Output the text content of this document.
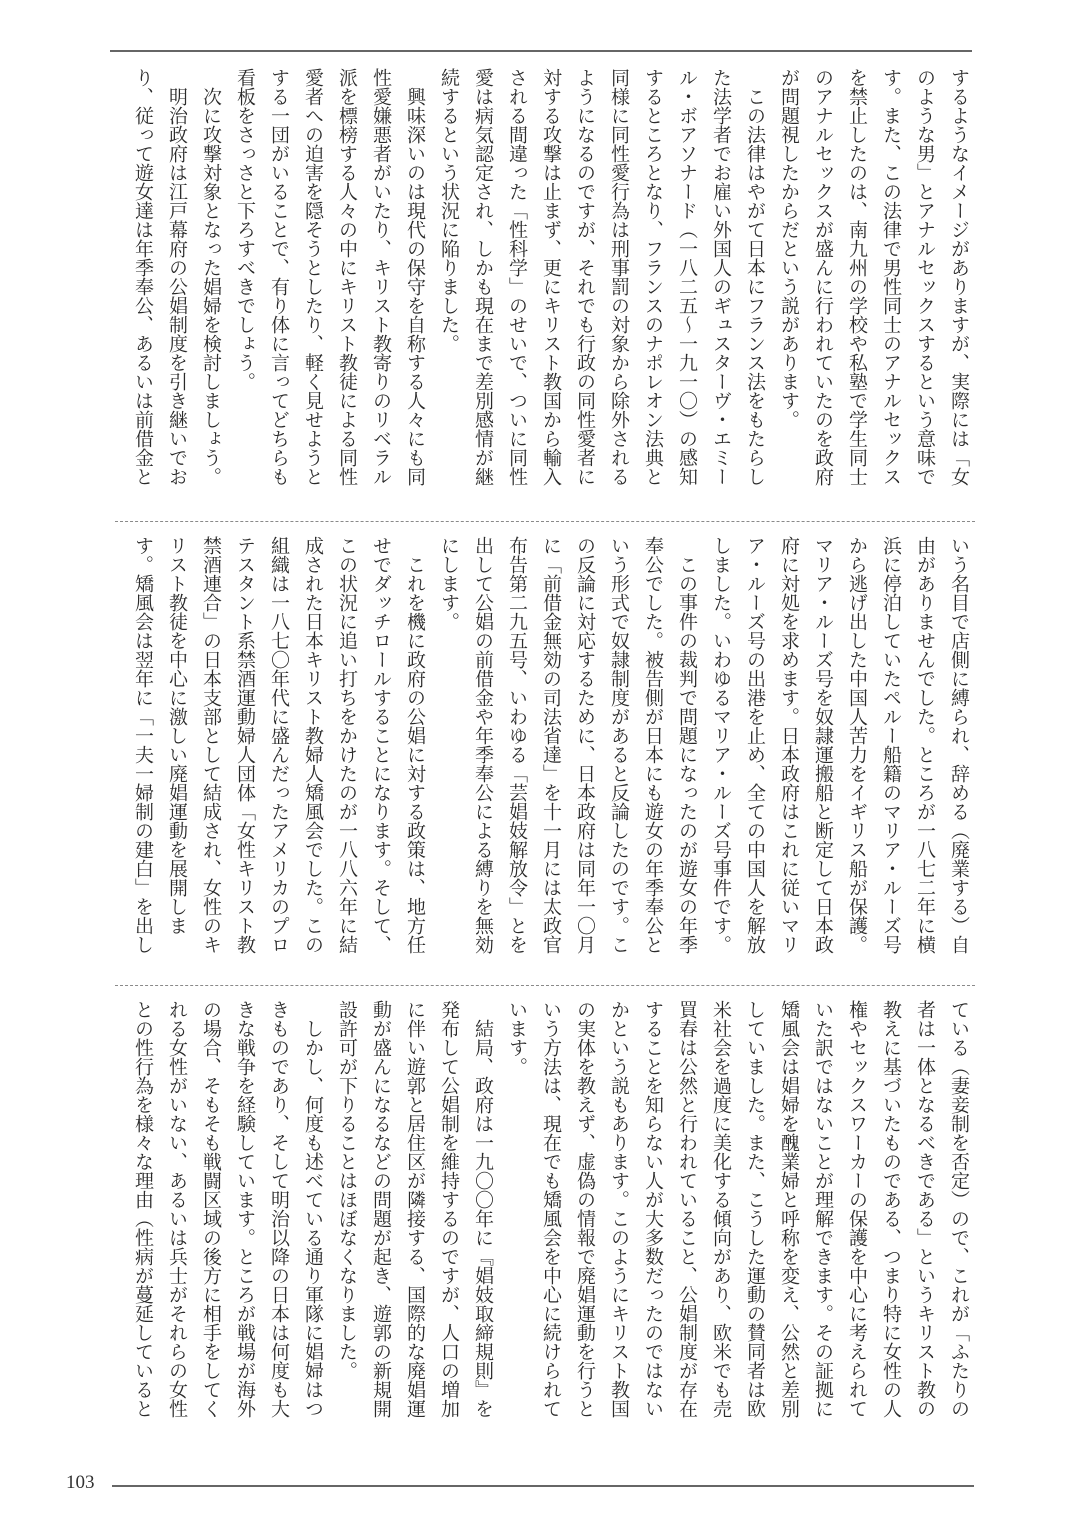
するようなイメージがありますが、実際には「女
のような男」とアナルセックスするという意味で
す。また、この法律で男性同士のアナルセックス
を禁止したのは、南九州の学校や私塾で学生同士
のアナルセックスが盛んに行われていたのを政府
が問題視したからだという説があります。
　この法律はやがて日本にフランス法をもたらし
た法学者でお雇い外国人のギュスターヴ・エミー
ル・ボアソナード（一八二五～一九一〇）の感知
するところとなり、フランスのナポレオン法典と
同様に同性愛行為は刑事罰の対象から除外される
ようになるのですが、それでも行政の同性愛者に
対する攻撃は止まず、更にキリスト教国から輸入
される間違った「性科学」のせいで、ついに同性
愛は病気認定され、しかも現在まで差別感情が継
続するという状況に陥りました。
　興味深いのは現代の保守を自称する人々にも同
性愛嫌悪者がいたり、キリスト教寄りのリベラル
派を標榜する人々の中にキリスト教徒による同性
愛者への迫害を隠そうとしたり、軽く見せようと
する一団がいることで、有り体に言ってどちらも
看板をさっさと下ろすべきでしょう。
　次に攻撃対象となった娼婦を検討しましょう。
　明治政府は江戸幕府の公娼制度を引き継いでお
り、従って遊女達は年季奉公、あるいは前借金と
いう名目で店側に縛られ、辞める（廃業する）自
由がありませんでした。ところが一八七二年に横
浜に停泊していたペルー船籍のマリア・ルーズ号
から逃げ出した中国人苦力をイギリス船が保護。
マリア・ルーズ号を奴隷運搬船と断定して日本政
府に対処を求めます。日本政府はこれに従いマリ
ア・ルーズ号の出港を止め、全ての中国人を解放
しました。いわゆるマリア・ルーズ号事件です。
　この事件の裁判で問題になったのが遊女の年季
奉公でした。被告側が日本にも遊女の年季奉公と
いう形式で奴隷制度があると反論したのです。こ
の反論に対応するために、日本政府は同年一〇月
に「前借金無効の司法省達」を十一月には太政官
布告第二九五号、いわゆる「芸娼妓解放令」とを
出して公娼の前借金や年季奉公による縛りを無効
にします。
　これを機に政府の公娼に対する政策は、地方任
せでダッチロールすることになります。そして、
この状況に追い打ちをかけたのが一八八六年に結
成された日本キリスト教婦人矯風会でした。この
組織は一八七〇年代に盛んだったアメリカのプロ
テスタント系禁酒運動婦人団体「女性キリスト教
禁酒連合」の日本支部として結成され、女性のキ
リスト教徒を中心に激しい廃娼運動を展開しま
す。矯風会は翌年に「一夫一婦制の建白」を出し
ている（妻妾制を否定）ので、これが「ふたりの
者は一体となるべきである」というキリスト教の
教えに基づいたものである、つまり特に女性の人
権やセックスワーカーの保護を中心に考えられて
いた訳ではないことが理解できます。その証拠に
矯風会は娼婦を醜業婦と呼称を変え、公然と差別
していました。また、こうした運動の賛同者は欧
米社会を過度に美化する傾向があり、欧米でも売
買春は公然と行われていること、公娼制度が存在
することを知らない人が大多数だったのではない
かという説もあります。このようにキリスト教国
の実体を教えず、虚偽の情報で廃娼運動を行うと
いう方法は、現在でも矯風会を中心に続けられて
います。
　結局、政府は一九〇〇年に『娼妓取締規則』を
発布して公娼制を維持するのですが、人口の増加
に伴い遊郭と居住区が隣接する、国際的な廃娼運
動が盛んになるなどの問題が起き、遊郭の新規開
設許可が下りることはほぼなくなりました。
　しかし、何度も述べている通り軍隊に娼婦はつ
きものであり、そして明治以降の日本は何度も大
きな戦争を経験しています。ところが戦場が海外
の場合、そもそも戦闘区域の後方に相手をしてく
れる女性がいない、あるいは兵士がそれらの女性
との性行為を様々な理由（性病が蔓延していると
103
